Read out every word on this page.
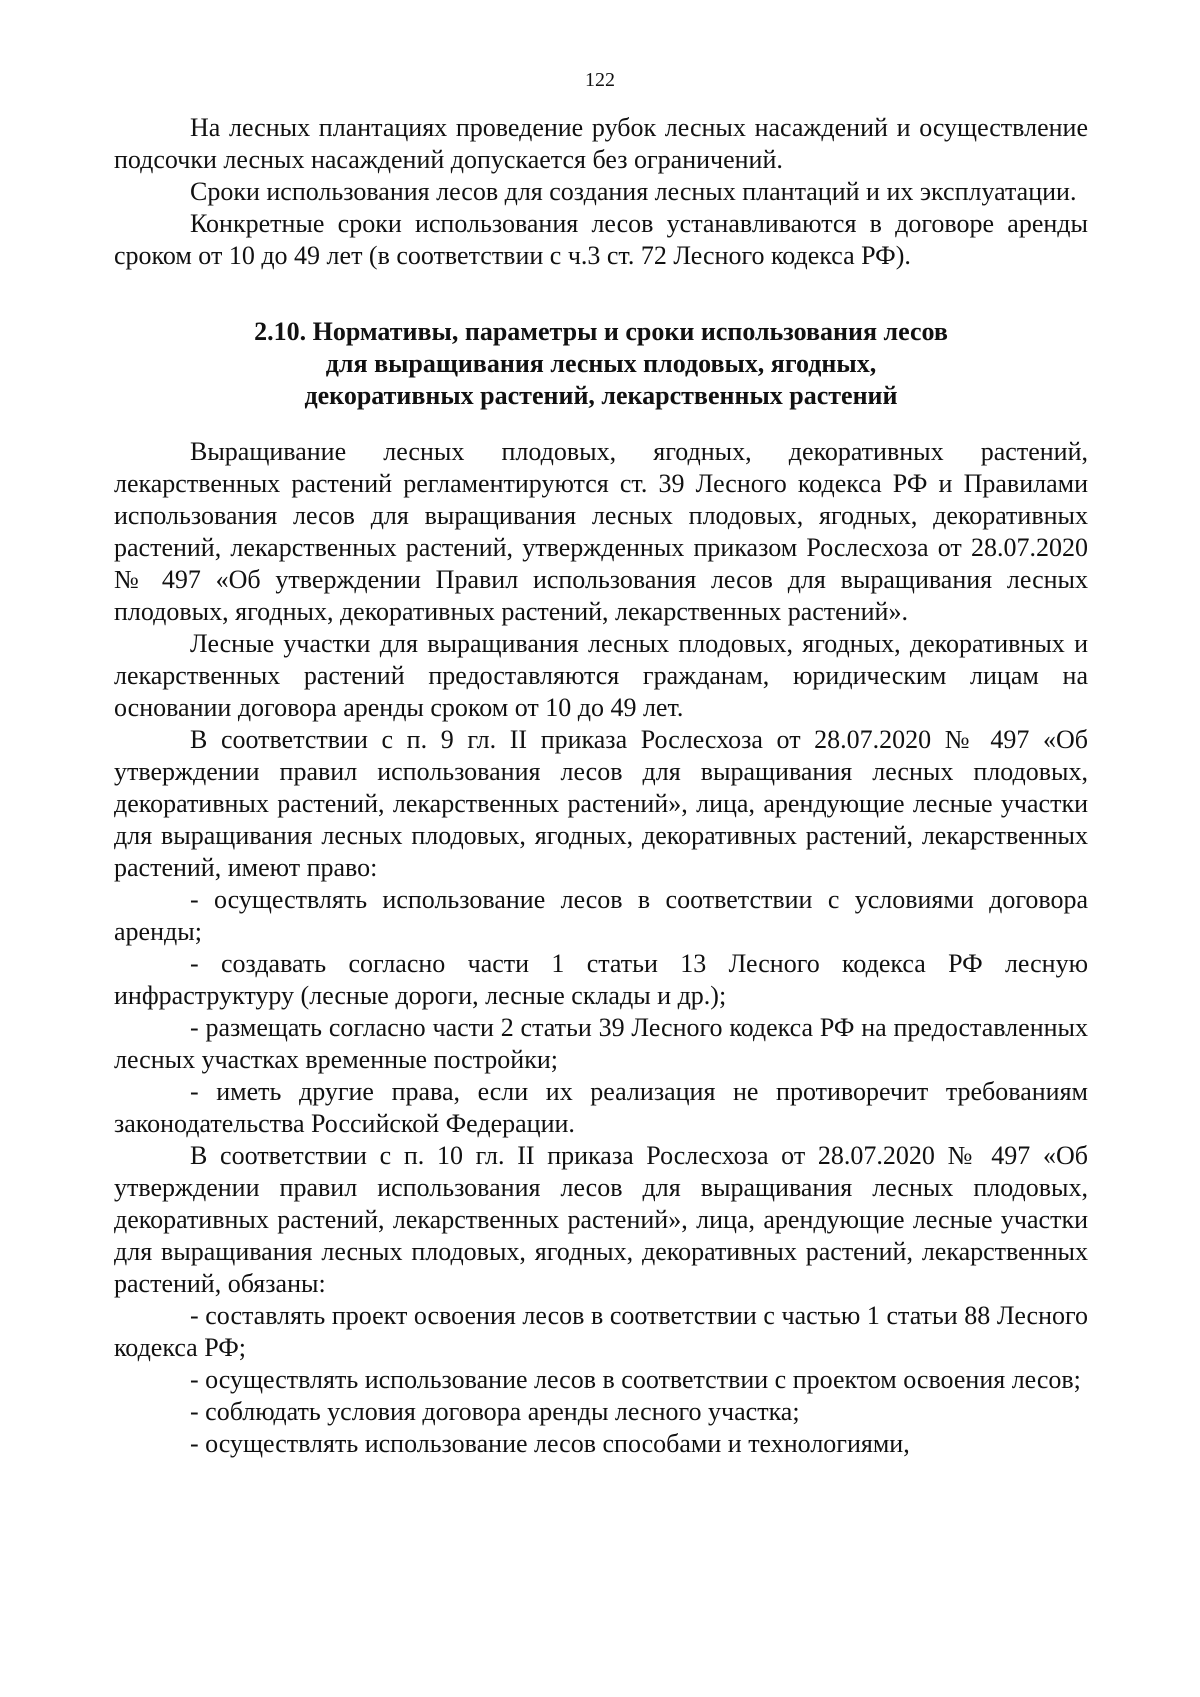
122

На лесных плантациях проведение рубок лесных насаждений и осуществление подсочки лесных насаждений допускается без ограничений.

Сроки использования лесов для создания лесных плантаций и их эксплуатации.

Конкретные сроки использования лесов устанавливаются в договоре аренды сроком от 10 до 49 лет (в соответствии с ч.3 ст. 72 Лесного кодекса РФ).

2.10. Нормативы, параметры и сроки использования лесов

для выращивания лесных плодовых, ягодных,

декоративных растений, лекарственных растений

Выращивание лесных плодовых, ягодных, декоративных растений, лекарственных растений регламентируются ст. 39 Лесного кодекса РФ и Правилами использования лесов для выращивания лесных плодовых, ягодных, декоративных растений, лекарственных растений, утвержденных приказом Рослесхоза от 28.07.2020 № 497 «Об утверждении Правил использования лесов для выращивания лесных плодовых, ягодных, декоративных растений, лекарственных растений».

Лесные участки для выращивания лесных плодовых, ягодных, декоративных и лекарственных растений предоставляются гражданам, юридическим лицам на основании договора аренды сроком от 10 до 49 лет.

В соответствии с п. 9 гл. II приказа Рослесхоза от 28.07.2020 № 497 «Об утверждении правил использования лесов для выращивания лесных плодовых, декоративных растений, лекарственных растений», лица, арендующие лесные участки для выращивания лесных плодовых, ягодных, декоративных растений, лекарственных растений, имеют право:

- осуществлять использование лесов в соответствии с условиями договора аренды;

- создавать согласно части 1 статьи 13 Лесного кодекса РФ лесную инфраструктуру (лесные дороги, лесные склады и др.);

- размещать согласно части 2 статьи 39 Лесного кодекса РФ на предоставленных лесных участках временные постройки;

- иметь другие права, если их реализация не противоречит требованиям законодательства Российской Федерации.

В соответствии с п. 10 гл. II приказа Рослесхоза от 28.07.2020 № 497 «Об утверждении правил использования лесов для выращивания лесных плодовых, декоративных растений, лекарственных растений», лица, арендующие лесные участки для выращивания лесных плодовых, ягодных, декоративных растений, лекарственных растений, обязаны:

- составлять проект освоения лесов в соответствии с частью 1 статьи 88 Лесного кодекса РФ;

- осуществлять использование лесов в соответствии с проектом освоения лесов;

- соблюдать условия договора аренды лесного участка;

- осуществлять использование лесов способами и технологиями,
